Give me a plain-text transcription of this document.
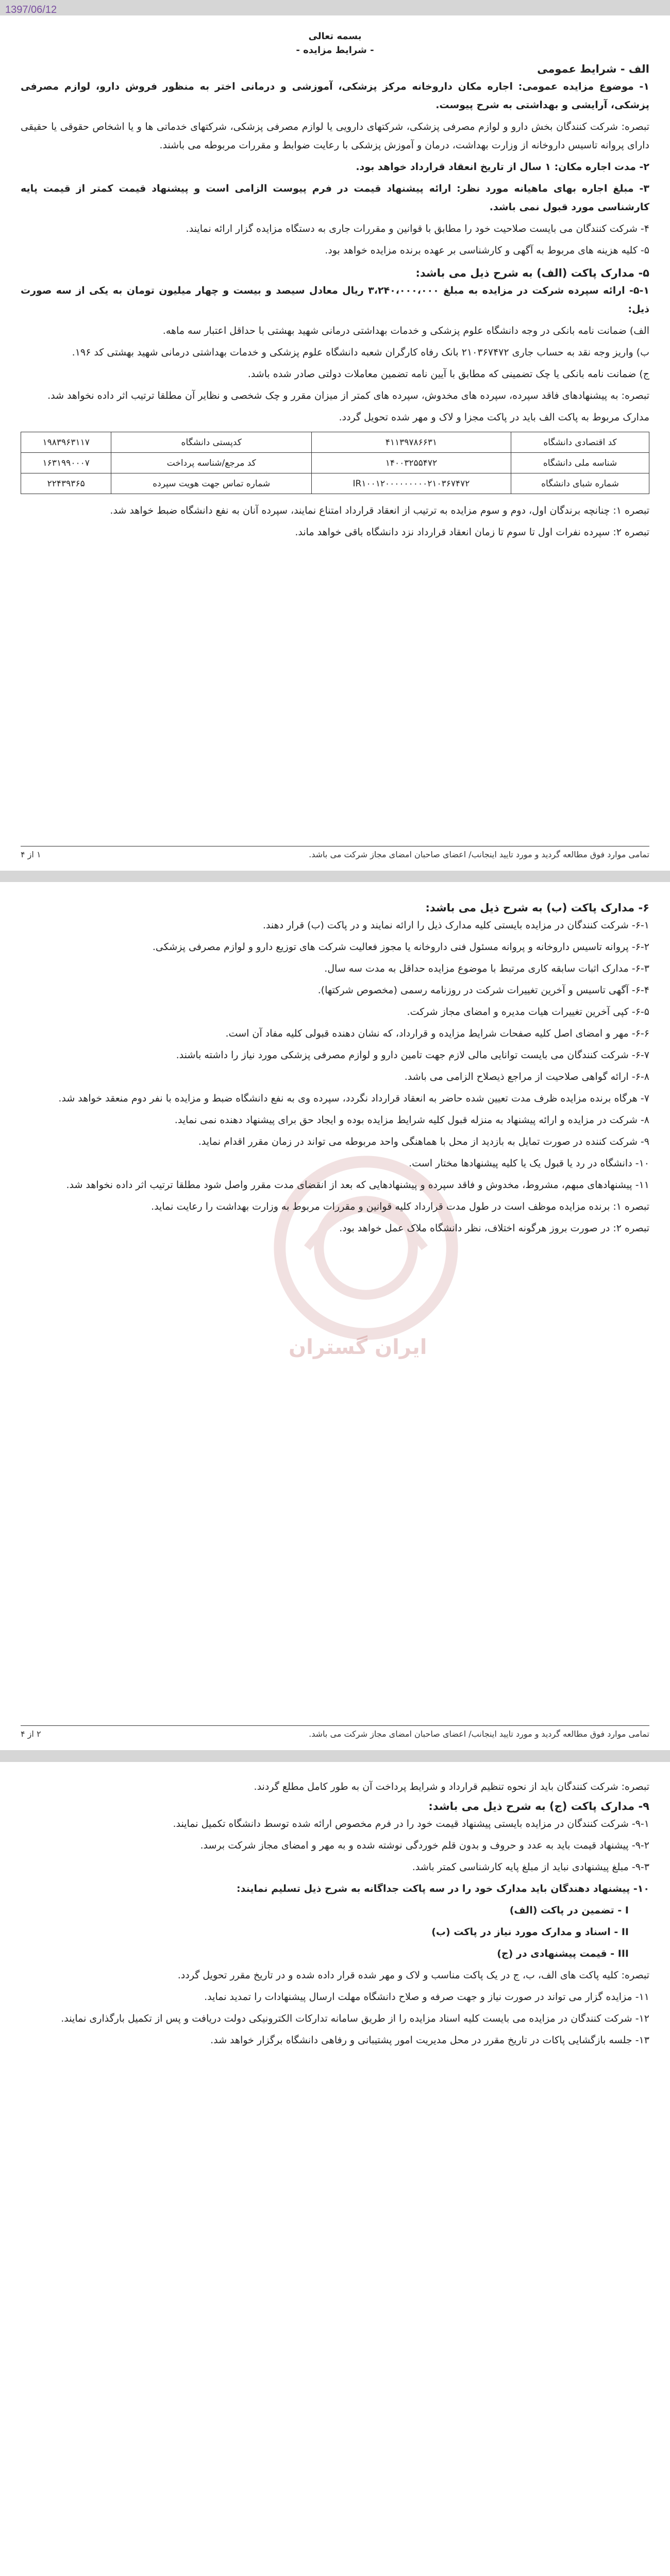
1397/06/12
بسمه تعالی
- شرایط مزایده -
الف - شرایط عمومی
۱- موضوع مزایده عمومی: اجاره مکان داروخانه مرکز پزشکی، آموزشی و درمانی اختر به منظور فروش دارو، لوازم مصرفی پزشکی، آرایشی و بهداشتی به شرح پیوست.
تبصره: شرکت کنندگان بخش دارو و لوازم مصرفی پزشکی، شرکتهای دارویی یا لوازم مصرفی پزشکی، شرکتهای خدماتی ها و یا اشخاص حقوقی یا حقیقی دارای پروانه تاسیس داروخانه از وزارت بهداشت، درمان و آموزش پزشکی با رعایت ضوابط و مقررات مربوطه می باشند.
۲- مدت اجاره مکان: ۱ سال از تاریخ انعقاد قرارداد خواهد بود.
۳- مبلغ اجاره بهای ماهیانه مورد نظر: ارائه پیشنهاد قیمت در فرم پیوست الزامی است و پیشنهاد قیمت کمتر از قیمت پایه کارشناسی مورد قبول نمی باشد.
۴- شرکت کنندگان می بایست صلاحیت خود را مطابق با قوانین و مقررات جاری به دستگاه مزایده گزار ارائه نمایند.
۵- کلیه هزینه های مربوط به آگهی و کارشناسی بر عهده برنده مزایده خواهد بود.
۵- مدارک پاکت (الف) به شرح ذیل می باشد:
۵-۱- ارائه سپرده شرکت در مزایده به مبلغ ۳،۲۴۰،۰۰۰،۰۰۰ ریال معادل سیصد و بیست و چهار میلیون تومان به یکی از سه صورت ذیل:
الف) ضمانت نامه بانکی در وجه دانشگاه علوم پزشکی و خدمات بهداشتی درمانی شهید بهشتی با حداقل اعتبار سه ماهه.
ب) واریز وجه نقد به حساب جاری ۲۱۰۳۶۷۴۷۲ بانک رفاه کارگران شعبه دانشگاه علوم پزشکی و خدمات بهداشتی درمانی شهید بهشتی کد ۱۹۶.
ج) ضمانت نامه بانکی یا چک تضمینی که مطابق با آیین نامه تضمین معاملات دولتی صادر شده باشد.
تبصره: به پیشنهادهای فاقد سپرده، سپرده های مخدوش، سپرده های کمتر از میزان مقرر و چک شخصی و نظایر آن مطلقا ترتیب اثر داده نخواهد شد.
مدارک مربوط به پاکت الف باید در پاکت مجزا و لاک و مهر شده تحویل گردد.
کد اقتصادی دانشگاه	۴۱۱۳۹۷۸۶۶۳۱	کدپستی دانشگاه	۱۹۸۳۹۶۳۱۱۷
شناسه ملی دانشگاه	۱۴۰۰۳۲۵۵۴۷۲	کد مرجع/شناسه پرداخت	۱۶۳۱۹۹۰۰۰۷
شماره شبای دانشگاه	IR۱۰۰۱۲۰۰۰۰۰۰۰۰۰۲۱۰۳۶۷۴۷۲	شماره تماس جهت هویت سپرده	۲۲۴۳۹۳۶۵
تبصره ۱: چنانچه برندگان اول، دوم و سوم مزایده به ترتیب از انعقاد قرارداد امتناع نمایند، سپرده آنان به نفع دانشگاه ضبط خواهد شد.
تبصره ۲: سپرده نفرات اول تا سوم تا زمان انعقاد قرارداد نزد دانشگاه باقی خواهد ماند.
تمامی موارد فوق مطالعه گردید و مورد تایید اینجانب/ اعضای صاحبان امضای مجاز شرکت می باشد.
۱ از ۴
ایران گستران
۶- مدارک پاکت (ب) به شرح ذیل می باشد:
۶-۱- شرکت کنندگان در مزایده بایستی کلیه مدارک ذیل را ارائه نمایند و در پاکت (ب) قرار دهند.
۶-۲- پروانه تاسیس داروخانه و پروانه مسئول فنی داروخانه یا مجوز فعالیت شرکت های توزیع دارو و لوازم مصرفی پزشکی.
۶-۳- مدارک اثبات سابقه کاری مرتبط با موضوع مزایده حداقل به مدت سه سال.
۶-۴- آگهی تاسیس و آخرین تغییرات شرکت در روزنامه رسمی (مخصوص شرکتها).
۶-۵- کپی آخرین تغییرات هیات مدیره و امضای مجاز شرکت.
۶-۶- مهر و امضای اصل کلیه صفحات شرایط مزایده و قرارداد، که نشان دهنده قبولی کلیه مفاد آن است.
۶-۷- شرکت کنندگان می بایست توانایی مالی لازم جهت تامین دارو و لوازم مصرفی پزشکی مورد نیاز را داشته باشند.
۶-۸- ارائه گواهی صلاحیت از مراجع ذیصلاح الزامی می باشد.
۷- هرگاه برنده مزایده ظرف مدت تعیین شده حاضر به انعقاد قرارداد نگردد، سپرده وی به نفع دانشگاه ضبط و مزایده با نفر دوم منعقد خواهد شد.
۸- شرکت در مزایده و ارائه پیشنهاد به منزله قبول کلیه شرایط مزایده بوده و ایجاد حق برای پیشنهاد دهنده نمی نماید.
۹- شرکت کننده در صورت تمایل به بازدید از محل با هماهنگی واحد مربوطه می تواند در زمان مقرر اقدام نماید.
۱۰- دانشگاه در رد یا قبول یک یا کلیه پیشنهادها مختار است.
۱۱- پیشنهادهای مبهم، مشروط، مخدوش و فاقد سپرده و پیشنهادهایی که بعد از انقضای مدت مقرر واصل شود مطلقا ترتیب اثر داده نخواهد شد.
تبصره ۱: برنده مزایده موظف است در طول مدت قرارداد کلیه قوانین و مقررات مربوط به وزارت بهداشت را رعایت نماید.
تبصره ۲: در صورت بروز هرگونه اختلاف، نظر دانشگاه ملاک عمل خواهد بود.
تمامی موارد فوق مطالعه گردید و مورد تایید اینجانب/ اعضای صاحبان امضای مجاز شرکت می باشد.
۲ از ۴
تبصره: شرکت کنندگان باید از نحوه تنظیم قرارداد و شرایط پرداخت آن به طور کامل مطلع گردند.
۹- مدارک پاکت (ج) به شرح ذیل می باشد:
۹-۱- شرکت کنندگان در مزایده بایستی پیشنهاد قیمت خود را در فرم مخصوص ارائه شده توسط دانشگاه تکمیل نمایند.
۹-۲- پیشنهاد قیمت باید به عدد و حروف و بدون قلم خوردگی نوشته شده و به مهر و امضای مجاز شرکت برسد.
۹-۳- مبلغ پیشنهادی نباید از مبلغ پایه کارشناسی کمتر باشد.
۱۰- پیشنهاد دهندگان باید مدارک خود را در سه پاکت جداگانه به شرح ذیل تسلیم نمایند:
I - تضمین در پاکت (الف)
II - اسناد و مدارک مورد نیاز در پاکت (ب)
III - قیمت پیشنهادی در (ج)
تبصره: کلیه پاکت های الف، ب، ج در یک پاکت مناسب و لاک و مهر شده قرار داده شده و در تاریخ مقرر تحویل گردد.
۱۱- مزایده گزار می تواند در صورت نیاز و جهت صرفه و صلاح دانشگاه مهلت ارسال پیشنهادات را تمدید نماید.
۱۲- شرکت کنندگان در مزایده می بایست کلیه اسناد مزایده را از طریق سامانه تدارکات الکترونیکی دولت دریافت و پس از تکمیل بارگذاری نمایند.
۱۳- جلسه بازگشایی پاکات در تاریخ مقرر در محل مدیریت امور پشتیبانی و رفاهی دانشگاه برگزار خواهد شد.
